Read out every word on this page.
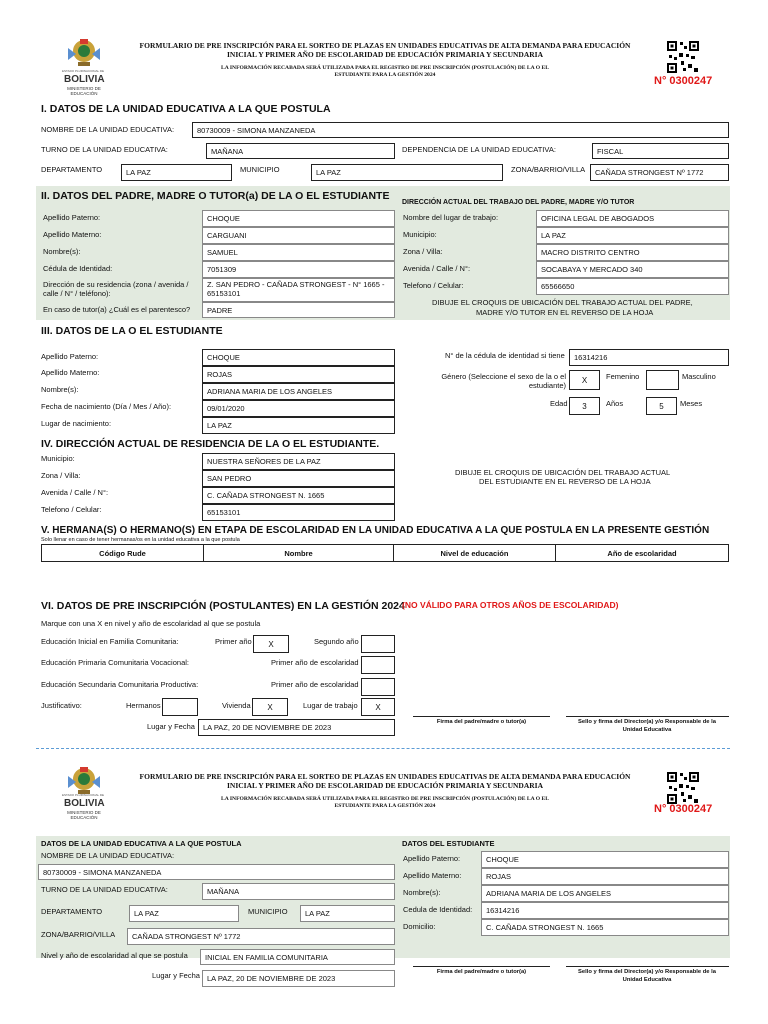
ESTADO PLURINACIONAL DE
BOLIVIA
MINISTERIO DE EDUCACIÓN
FORMULARIO DE PRE INSCRIPCIÓN PARA EL SORTEO DE PLAZAS EN UNIDADES EDUCATIVAS DE ALTA DEMANDA PARA EDUCACIÓN
INICIAL Y PRIMER AÑO DE ESCOLARIDAD DE EDUCACIÓN PRIMARIA Y SECUNDARIA
LA INFORMACIÓN RECABADA SERÁ UTILIZADA PARA EL REGISTRO DE PRE INSCRIPCIÓN (POSTULACIÓN) DE LA O EL
ESTUDIANTE PARA LA GESTIÓN 2024	N° 0300247
I. DATOS DE LA UNIDAD EDUCATIVA A LA QUE POSTULA
NOMBRE DE LA UNIDAD EDUCATIVA:	80730009 - SIMONA MANZANEDA
TURNO DE LA UNIDAD EDUCATIVA:	MAÑANA	DEPENDENCIA DE LA UNIDAD EDUCATIVA:	FISCAL
DEPARTAMENTO	LA PAZ	MUNICIPIO	LA PAZ	ZONA/BARRIO/VILLA	CAÑADA STRONGEST Nº 1772
II. DATOS DEL PADRE, MADRE O TUTOR(a) DE LA O EL ESTUDIANTE
Apellido Paterno:	CHOQUE
Apellido Materno:	CARGUANI
Nombre(s):	SAMUEL
Cédula de Identidad:	7051309
Dirección de su residencia (zona / avenida / calle / N° / teléfono):
Z. SAN PEDRO - CAÑADA STRONGEST - N° 1665 - 65153101
En caso de tutor(a) ¿Cuál es el parentesco?	PADRE
DIRECCIÓN ACTUAL DEL TRABAJO DEL PADRE, MADRE Y/O TUTOR
Nombre del lugar de trabajo:	OFICINA LEGAL DE ABOGADOS
Municipio:	LA PAZ
Zona / Villa:	MACRO DISTRITO CENTRO
Avenida / Calle / N°:	SOCABAYA Y MERCADO 340
Telefono / Celular:	65566650
DIBUJE EL CROQUIS DE UBICACIÓN DEL TRABAJO ACTUAL DEL PADRE,
MADRE Y/O TUTOR EN EL REVERSO DE LA HOJA
III. DATOS DE LA O EL ESTUDIANTE
Apellido Paterno:	CHOQUE
Apellido Materno:	ROJAS
Nombre(s):	ADRIANA MARIA DE LOS ANGELES
Fecha de nacimiento (Día / Mes / Año):	09/01/2020
Lugar de nacimiento:	LA PAZ
N° de la cédula de identidad si tiene	16314216
Género (Seleccione el sexo de la o el estudiante)
X	Femenino	Masculino
Edad	3	Años	5	Meses
IV. DIRECCIÓN ACTUAL DE RESIDENCIA DE LA O EL ESTUDIANTE.
Municipio:	NUESTRA SEÑORES DE LA PAZ
Zona / Villa:	SAN PEDRO
Avenida / Calle / N°:	C. CAÑADA STRONGEST N. 1665
Telefono / Celular:	65153101
DIBUJE EL CROQUIS DE UBICACIÓN DEL TRABAJO ACTUAL
DEL ESTUDIANTE EN EL REVERSO DE LA HOJA
V. HERMANA(S) O HERMANO(S) EN ETAPA DE ESCOLARIDAD EN LA UNIDAD EDUCATIVA A LA QUE POSTULA EN LA PRESENTE GESTIÓN
Solo llenar en caso de tener hermanas/os en la unidad educativa a la que postula
Código Rude	Nombre	Nivel de educación	Año de escolaridad
VI. DATOS DE PRE INSCRIPCIÓN (POSTULANTES) EN LA GESTIÓN 2024
(NO VÁLIDO PARA OTROS AÑOS DE ESCOLARIDAD)
Marque con una X en nivel y año de escolaridad al que se postula
Educación Inicial en Familia Comunitaria:	Primer año	X	Segundo año
Educación Primaria Comunitaria Vocacional:	Primer año de escolaridad
Educación Secundaria Comunitaria Productiva:	Primer año de escolaridad
Justificativo:	Hermanos	Vivienda	X	Lugar de trabajo	X
Lugar y Fecha	LA PAZ, 20 DE NOVIEMBRE DE 2023
Firma del padre/madre o tutor(a)	Sello y firma del Director(a) y/o Responsable de la
Unidad Educativa
ESTADO PLURINACIONAL DE
BOLIVIA
MINISTERIO DE EDUCACIÓN
FORMULARIO DE PRE INSCRIPCIÓN PARA EL SORTEO DE PLAZAS EN UNIDADES EDUCATIVAS DE ALTA DEMANDA PARA EDUCACIÓN
INICIAL Y PRIMER AÑO DE ESCOLARIDAD DE EDUCACIÓN PRIMARIA Y SECUNDARIA
LA INFORMACIÓN RECABADA SERÁ UTILIZADA PARA EL REGISTRO DE PRE INSCRIPCIÓN (POSTULACIÓN) DE LA O EL
ESTUDIANTE PARA LA GESTIÓN 2024	N° 0300247
DATOS DE LA UNIDAD EDUCATIVA A LA QUE POSTULA
NOMBRE DE LA UNIDAD EDUCATIVA:
80730009 - SIMONA MANZANEDA
TURNO DE LA UNIDAD EDUCATIVA:	MAÑANA
DEPARTAMENTO	LA PAZ	MUNICIPIO	LA PAZ
ZONA/BARRIO/VILLA	CAÑADA STRONGEST Nº 1772
Nivel y año de escolaridad al que se postula	INICIAL EN FAMILIA COMUNITARIA
Lugar y Fecha LA PAZ, 20 DE NOVIEMBRE DE 2023
DATOS DEL ESTUDIANTE
Apellido Paterno:	CHOQUE
Apellido Materno:	ROJAS
Nombre(s):	ADRIANA MARIA DE LOS ANGELES
Cedula de Identidad:	16314216
Domicilio:	C. CAÑADA STRONGEST N. 1665
Firma del padre/madre o tutor(a)	Sello y firma del Director(a) y/o Responsable de la
Unidad Educativa
